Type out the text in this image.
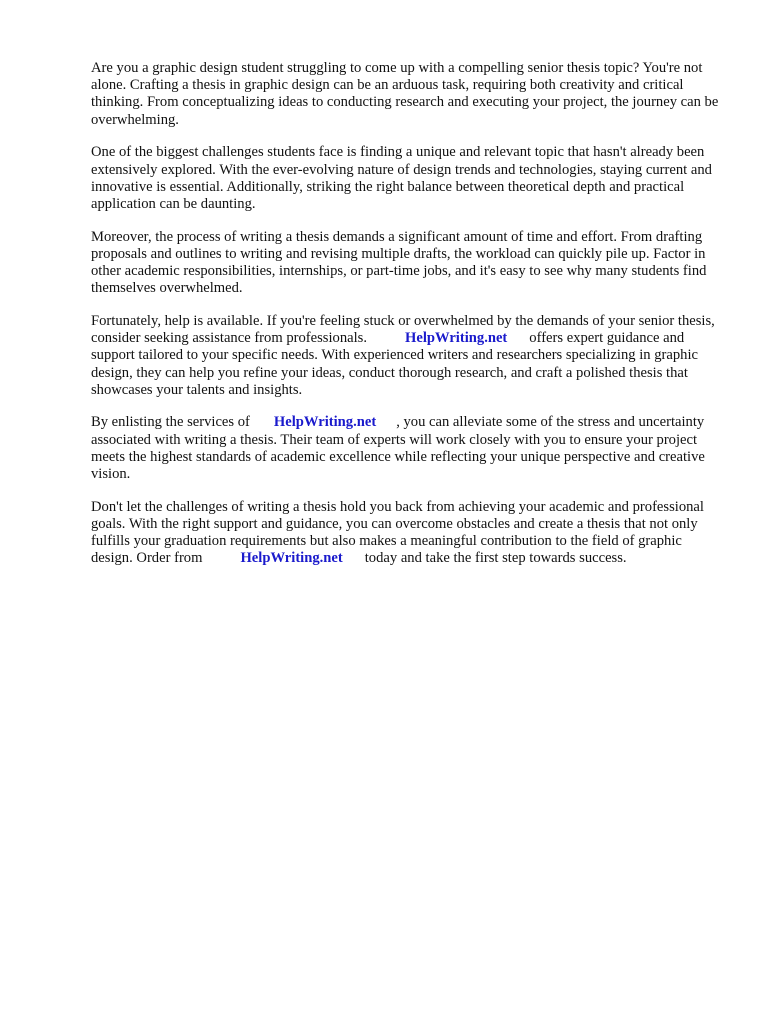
Are you a graphic design student struggling to come up with a compelling senior thesis topic? You're not alone. Crafting a thesis in graphic design can be an arduous task, requiring both creativity and critical thinking. From conceptualizing ideas to conducting research and executing your project, the journey can be overwhelming.

One of the biggest challenges students face is finding a unique and relevant topic that hasn't already been extensively explored. With the ever-evolving nature of design trends and technologies, staying current and innovative is essential. Additionally, striking the right balance between theoretical depth and practical application can be daunting.

Moreover, the process of writing a thesis demands a significant amount of time and effort. From drafting proposals and outlines to writing and revising multiple drafts, the workload can quickly pile up. Factor in other academic responsibilities, internships, or part-time jobs, and it's easy to see why many students find themselves overwhelmed.

Fortunately, help is available. If you're feeling stuck or overwhelmed by the demands of your senior thesis, consider seeking assistance from professionals.	HelpWriting.net offers expert guidance and support tailored to your specific needs. With experienced writers and researchers specializing in graphic design, they can help you refine your ideas, conduct thorough research, and craft a polished thesis that showcases your talents and insights.

By enlisting the services of HelpWriting.net , you can alleviate some of the stress and uncertainty associated with writing a thesis. Their team of experts will work closely with you to ensure your project meets the highest standards of academic excellence while reflecting your unique perspective and creative vision.

Don't let the challenges of writing a thesis hold you back from achieving your academic and professional goals. With the right support and guidance, you can overcome obstacles and create a thesis that not only fulfills your graduation requirements but also makes a meaningful contribution to the field of graphic design. Order from	HelpWriting.net today and take the first step towards success.
